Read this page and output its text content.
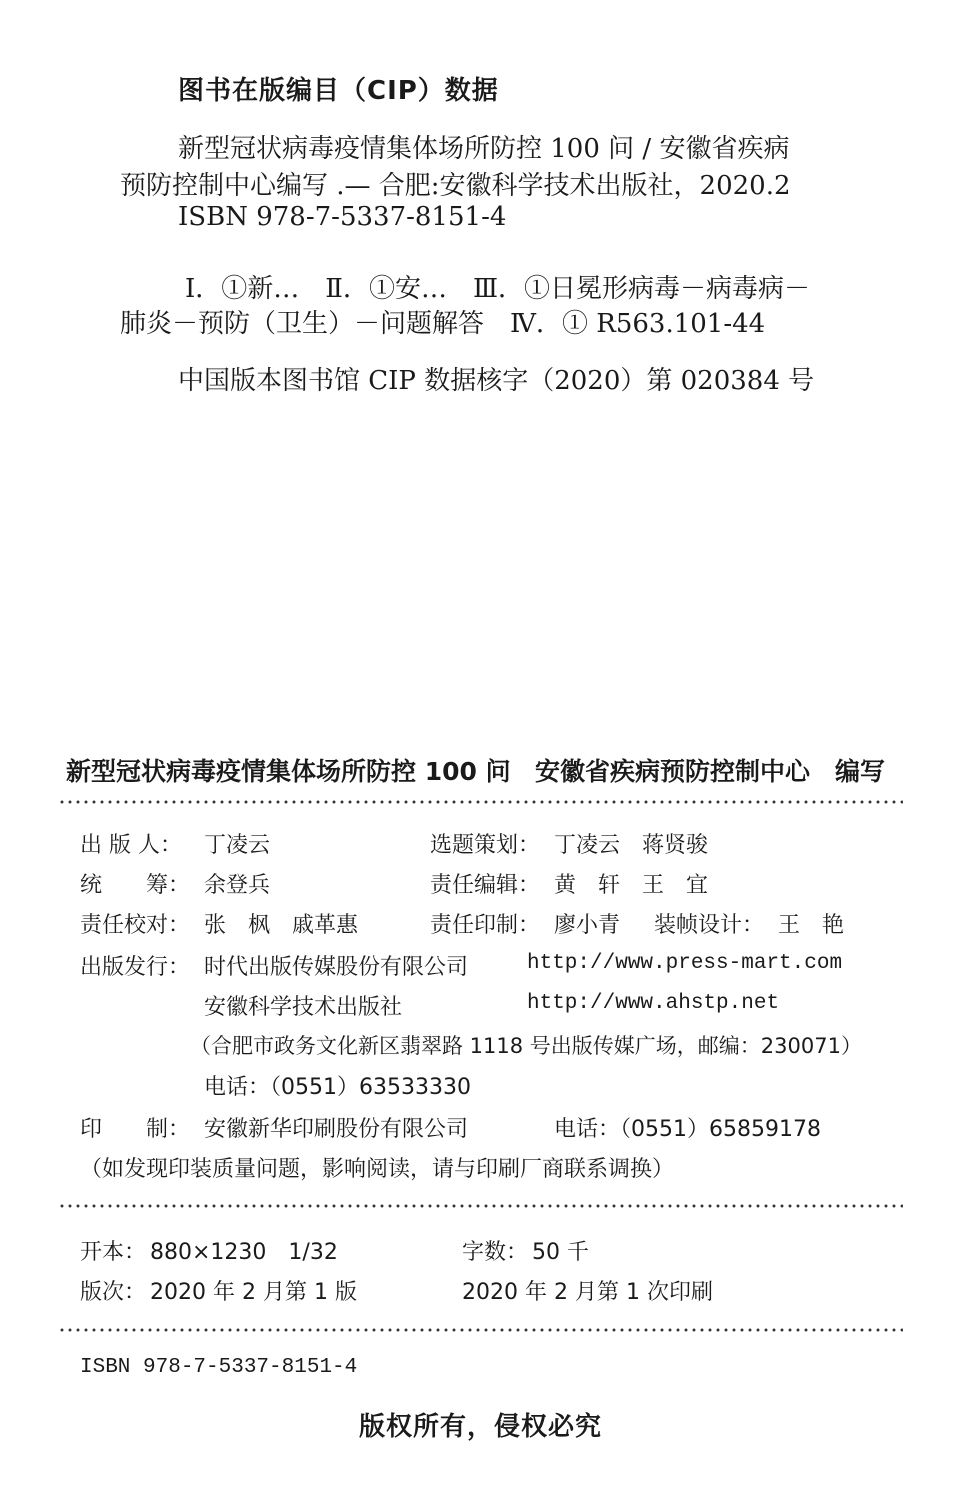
图书在版编目（CIP）数据
新型冠状病毒疫情集体场所防控 100 问 / 安徽省疾病
预防控制中心编写 .— 合肥:安徽科学技术出版社，2020.2
ISBN 978-7-5337-8151-4
Ⅰ．①新…　Ⅱ．①安…　Ⅲ．①日冕形病毒－病毒病－
肺炎－预防（卫生）－问题解答　Ⅳ．① R563.101-44
中国版本图书馆 CIP 数据核字（2020）第 020384 号
新型冠状病毒疫情集体场所防控 100 问 安徽省疾病预防控制中心　编写
出 版 人： 丁凌云	选题策划： 丁凌云　蒋贤骏
统　　筹： 余登兵	责任编辑： 黄　轩　王　宜
责任校对： 张　枫　戚革惠	责任印制： 廖小青 装帧设计： 王　艳
出版发行： 时代出版传媒股份有限公司	http://www.press-mart.com
安徽科学技术出版社	http://www.ahstp.net
（合肥市政务文化新区翡翠路 1118 号出版传媒广场，邮编：230071）
电话：（0551）63533330
印　　制： 安徽新华印刷股份有限公司	电话：（0551）65859178
（如发现印装质量问题，影响阅读，请与印刷厂商联系调换）
开本： 880×1230　1/32	字数： 50 千
版次： 2020 年 2 月第 1 版	2020 年 2 月第 1 次印刷
ISBN 978-7-5337-8151-4
版权所有，侵权必究
